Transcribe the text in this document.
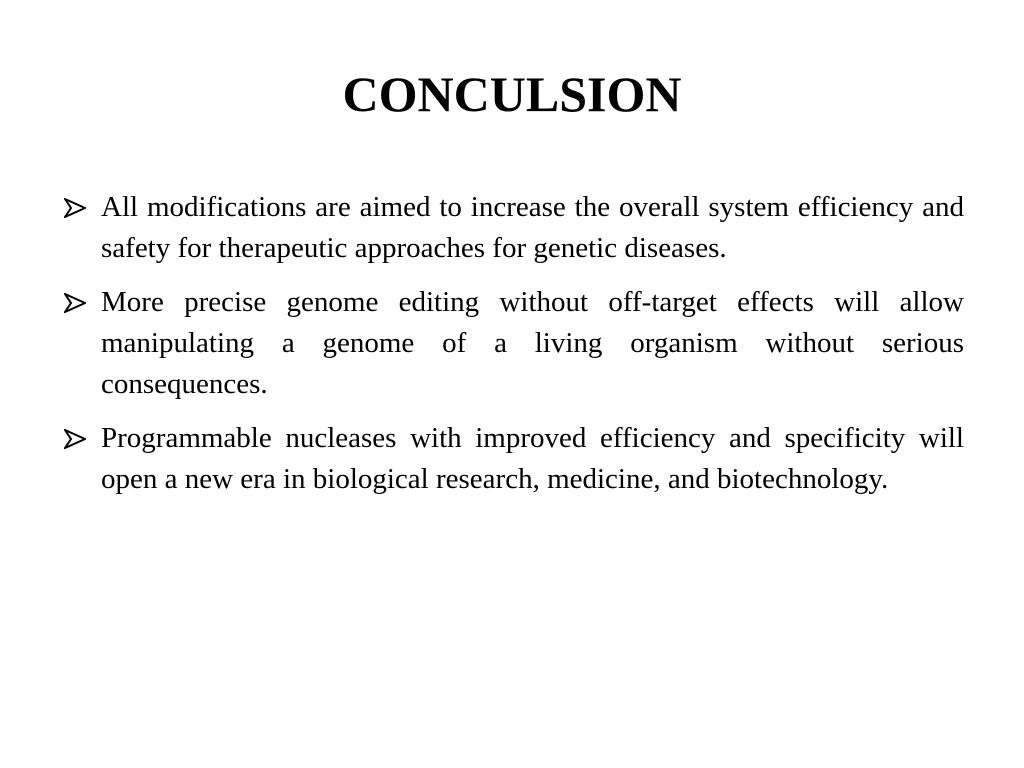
CONCULSION
All modifications are aimed to increase the overall system efficiency and safety for therapeutic approaches for genetic diseases.
More precise genome editing without off-target effects will allow manipulating a genome of a living organism without serious consequences.
Programmable nucleases with improved efficiency and specificity will open a new era in biological research, medicine, and biotechnology.
